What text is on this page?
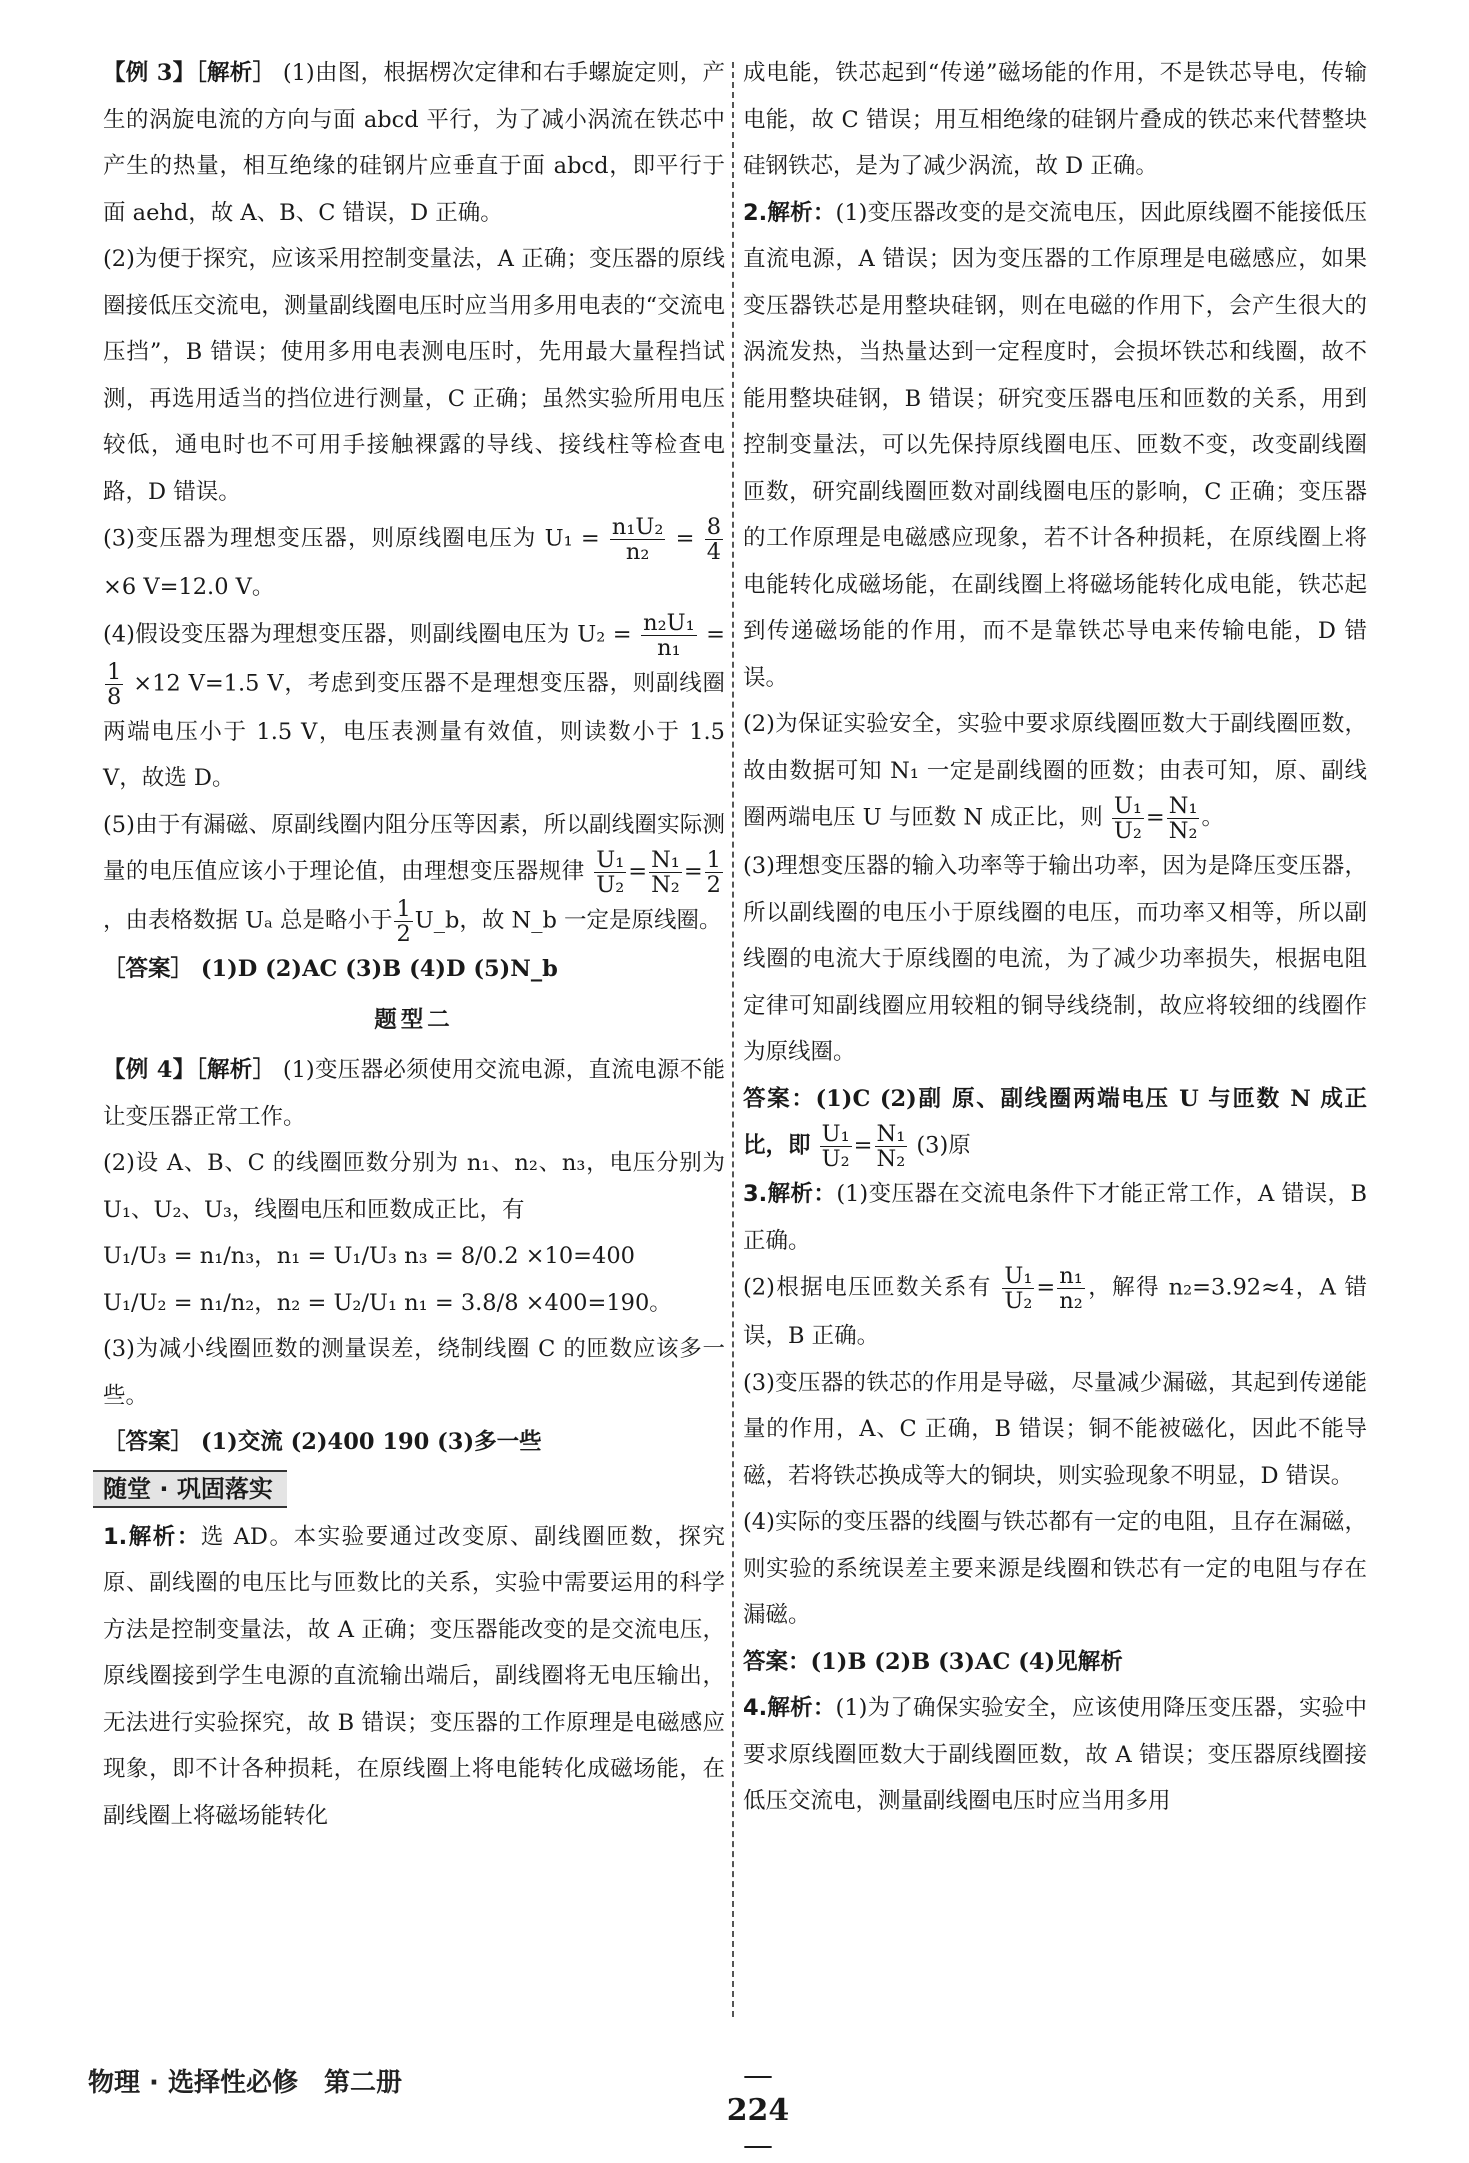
【例 3】［解析］ (1)由图，根据楞次定律和右手螺旋定则，产生的涡旋电流的方向与面 abcd 平行，为了减小涡流在铁芯中产生的热量，相互绝缘的硅钢片应垂直于面 abcd，即平行于面 aehd，故 A、B、C 错误，D 正确。

(2)为便于探究，应该采用控制变量法，A 正确；变压器的原线圈接低压交流电，测量副线圈电压时应当用多用电表的“交流电压挡”，B 错误；使用多用电表测电压时，先用最大量程挡试测，再选用适当的挡位进行测量，C 正确；虽然实验所用电压较低，通电时也不可用手接触裸露的导线、接线柱等检查电路，D 错误。

(3)变压器为理想变压器，则原线圈电压为 $U_1 = \frac{\text{n₁U₂}}{\text{n₂}} = \frac{8}{4}$
×6 V=12.0 V。

(4)假设变压器为理想变压器，则副线圈电压为 $U_2 = \frac{\text{n₂U₁}}{\text{n₁}}$ =
$\frac{1}{8} \times 12$ V=1.5 V，考虑到变压器不是理想变压器，则副线圈两端电压小于 1.5 V，电压表测量有效值，则读数小于 1.5 V，故选 D。

(5)由于有漏磁、原副线圈内阻分压等因素，所以副线圈实际测量的电压值应该小于理论值，由理想变压器规律 $\frac{\text{U₁}}{\text{U₂}} = \frac{\text{N₁}}{\text{N₂}} = \frac{1}{2}$
，由表格数据 Uₐ 总是略小于 $\frac{1}{2}$ U_b，故 N_b 一定是原线圈。

［答案］ (1)D (2)AC (3)B (4)D (5)N_b

题型二

【例 4】［解析］ (1)变压器必须使用交流电源，直流电源不能让变压器正常工作。

(2)设 A、B、C 的线圈匝数分别为 n₁、n₂、n₃，电压分别为 U₁、U₂、U₃，线圈电压和匝数成正比，有

U₁/U₃ = n₁/n₃，n₁ = U₁/U₃ n₃ = 8/0.2 ×10=400

U₁/U₂ = n₁/n₂，n₂ = U₂/U₁ n₁ = 3.8/8 ×400=190。

(3)为减小线圈匝数的测量误差，绕制线圈 C 的匝数应该多一些。

［答案］ (1)交流 (2)400 190 (3)多一些

随堂 · 巩固落实

1.解析：选 AD。本实验要通过改变原、副线圈匝数，探究原、副线圈的电压比与匝数比的关系，实验中需要运用的科学方法是控制变量法，故 A 正确；变压器能改变的是交流电压，原线圈接到学生电源的直流输出端后，副线圈将无电压输出，无法进行实验探究，故 B 错误；变压器的工作原理是电磁感应现象，即不计各种损耗，在原线圈上将电能转化成磁场能，在副线圈上将磁场能转化

成电能，铁芯起到“传递”磁场能的作用，不是铁芯导电，传输电能，故 C 错误；用互相绝缘的硅钢片叠成的铁芯来代替整块硅钢铁芯，是为了减少涡流，故 D 正确。

2.解析：(1)变压器改变的是交流电压，因此原线圈不能接低压直流电源，A 错误；因为变压器的工作原理是电磁感应，如果变压器铁芯是用整块硅钢，则在电磁的作用下，会产生很大的涡流发热，当热量达到一定程度时，会损坏铁芯和线圈，故不能用整块硅钢，B 错误；研究变压器电压和匝数的关系，用到控制变量法，可以先保持原线圈电压、匝数不变，改变副线圈匝数，研究副线圈匝数对副线圈电压的影响，C 正确；变压器的工作原理是电磁感应现象，若不计各种损耗，在原线圈上将电能转化成磁场能，在副线圈上将磁场能转化成电能，铁芯起到传递磁场能的作用，而不是靠铁芯导电来传输电能，D 错误。

(2)为保证实验安全，实验中要求原线圈匝数大于副线圈匝数，故由数据可知 N₁ 一定是副线圈的匝数；由表可知，原、副线圈两端电压 U 与匝数 N 成正比，则 $\frac{\text{U₁}}{\text{U₂}} = \frac{\text{N₁}}{\text{N₂}}$ 。

(3)理想变压器的输入功率等于输出功率，因为是降压变压器，所以副线圈的电压小于原线圈的电压，而功率又相等，所以副线圈的电流大于原线圈的电流，为了减少功率损失，根据电阻定律可知副线圈应用较粗的铜导线绕制，故应将较细的线圈作为原线圈。

答案：(1)C (2)副 原、副线圈两端电压 U 与匝数 N 成正比，即 $\frac{\text{U₁}}{\text{U₂}} = \frac{\text{N₁}}{\text{N₂}} (3)$原

3.解析：(1)变压器在交流电条件下才能正常工作，A 错误，B 正确。

(2)根据电压匝数关系有 $\frac{\text{U₁}}{\text{U₂}} = \frac{\text{n₁}}{\text{n₂}}$ ，解得 n₂=3.92≈4，A 错误，B 正确。

(3)变压器的铁芯的作用是导磁，尽量减少漏磁，其起到传递能量的作用，A、C 正确，B 错误；铜不能被磁化，因此不能导磁，若将铁芯换成等大的铜块，则实验现象不明显，D 错误。

(4)实际的变压器的线圈与铁芯都有一定的电阻，且存在漏磁，则实验的系统误差主要来源是线圈和铁芯有一定的电阻与存在漏磁。

答案：(1)B (2)B (3)AC (4)见解析

4.解析：(1)为了确保实验安全，应该使用降压变压器，实验中要求原线圈匝数大于副线圈匝数，故 A 错误；变压器原线圈接低压交流电，测量副线圈电压时应当用多用

物理 · 选择性必修　第二册
— 224 —
